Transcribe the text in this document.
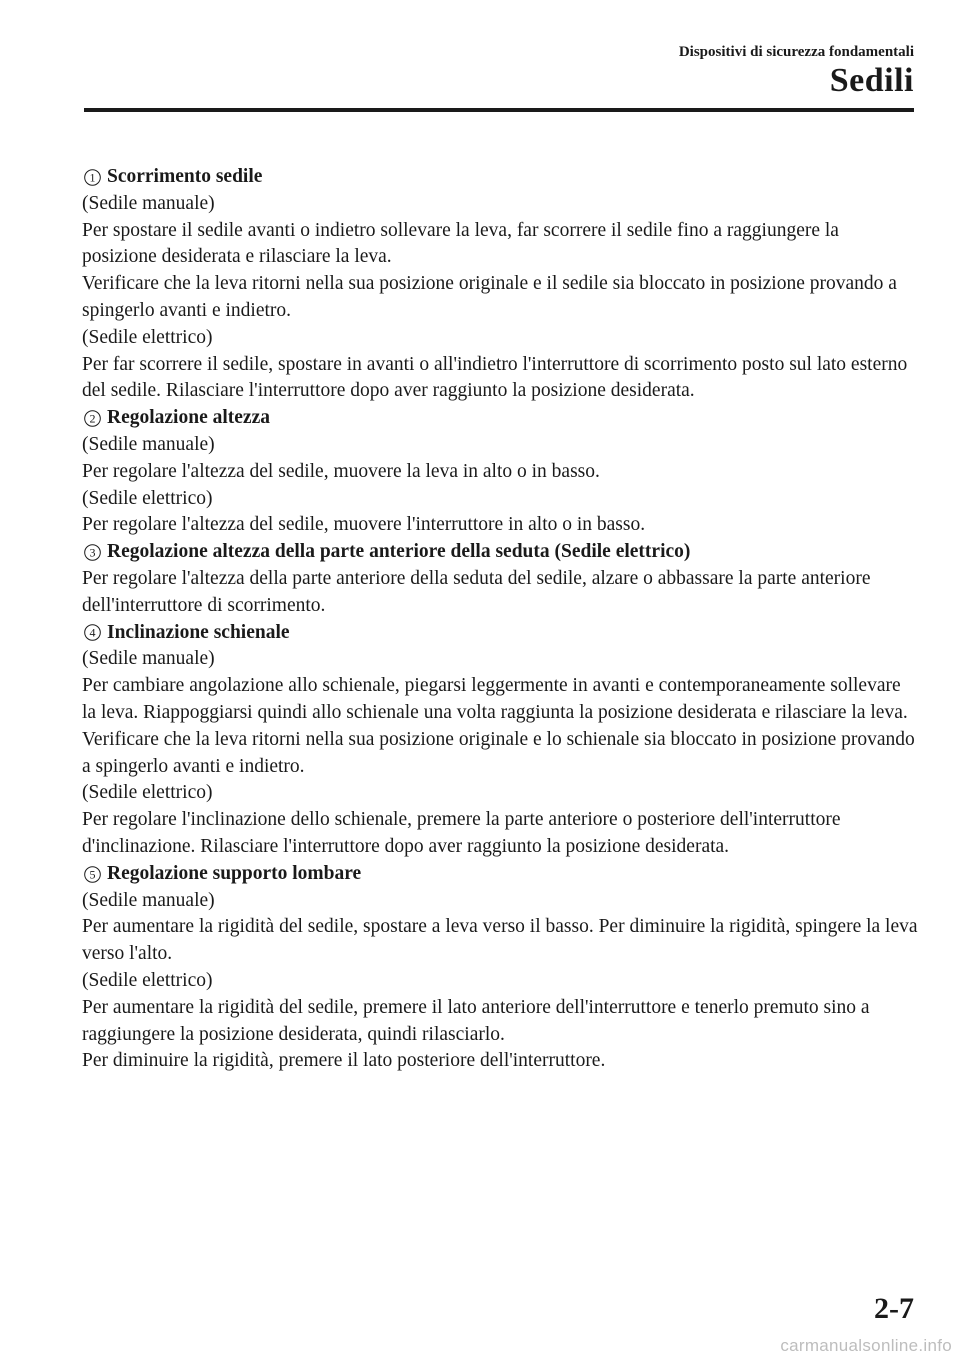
Dispositivi di sicurezza fondamentali
Sedili
1 Scorrimento sedile

(Sedile manuale)

Per spostare il sedile avanti o indietro sollevare la leva, far scorrere il sedile fino a raggiungere la posizione desiderata e rilasciare la leva.

Verificare che la leva ritorni nella sua posizione originale e il sedile sia bloccato in posizione provando a spingerlo avanti e indietro.

(Sedile elettrico)

Per far scorrere il sedile, spostare in avanti o all'indietro l'interruttore di scorrimento posto sul lato esterno del sedile. Rilasciare l'interruttore dopo aver raggiunto la posizione desiderata.

2 Regolazione altezza

(Sedile manuale)

Per regolare l'altezza del sedile, muovere la leva in alto o in basso.

(Sedile elettrico)

Per regolare l'altezza del sedile, muovere l'interruttore in alto o in basso.

3 Regolazione altezza della parte anteriore della seduta (Sedile elettrico)

Per regolare l'altezza della parte anteriore della seduta del sedile, alzare o abbassare la parte anteriore dell'interruttore di scorrimento.

4 Inclinazione schienale

(Sedile manuale)

Per cambiare angolazione allo schienale, piegarsi leggermente in avanti e contemporaneamente sollevare la leva. Riappoggiarsi quindi allo schienale una volta raggiunta la posizione desiderata e rilasciare la leva.

Verificare che la leva ritorni nella sua posizione originale e lo schienale sia bloccato in posizione provando a spingerlo avanti e indietro.

(Sedile elettrico)

Per regolare l'inclinazione dello schienale, premere la parte anteriore o posteriore dell'interruttore d'inclinazione. Rilasciare l'interruttore dopo aver raggiunto la posizione desiderata.

5 Regolazione supporto lombare

(Sedile manuale)

Per aumentare la rigidità del sedile, spostare a leva verso il basso. Per diminuire la rigidità, spingere la leva verso l'alto.

(Sedile elettrico)

Per aumentare la rigidità del sedile, premere il lato anteriore dell'interruttore e tenerlo premuto sino a raggiungere la posizione desiderata, quindi rilasciarlo.

Per diminuire la rigidità, premere il lato posteriore dell'interruttore.

2-7
carmanualsonline.info
